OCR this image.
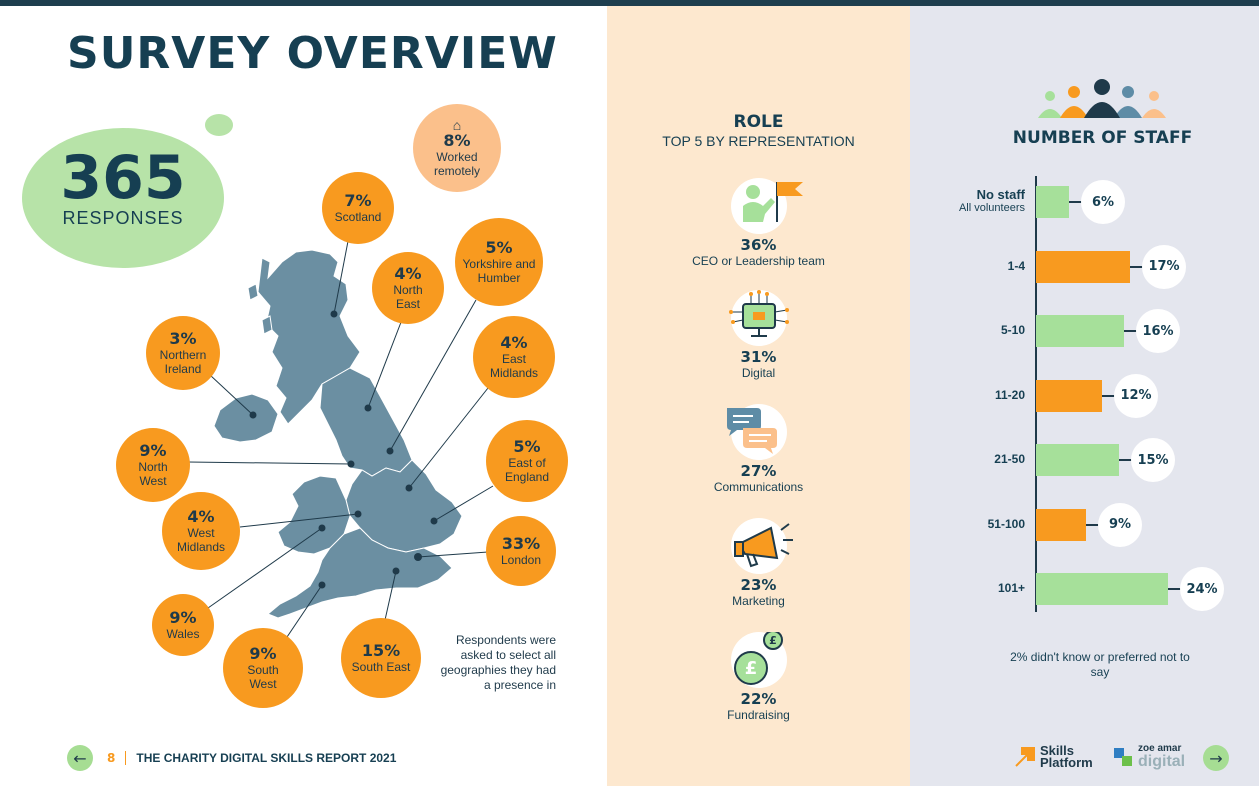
SURVEY OVERVIEW
365
RESPONSES
⌂
8%
Worked remotely
7%
Scotland
4%
North East
5%
Yorkshire and Humber
3%
Northern Ireland
4%
East Midlands
9%
North West
5%
East of England
4%
West Midlands	33%
London
9%
Wales
9%
South West
15%
South East
Respondents were asked to select all geographies they had a presence in
←	8	THE CHARITY DIGITAL SKILLS REPORT 2021
ROLE
TOP 5 BY REPRESENTATION
36%
CEO or Leadership team
31%
Digital
27%
Communications
23%
Marketing
£
£
22%
Fundraising
NUMBER OF STAFF
No staff
All volunteers	6%
1-4	17%
5-10	16%
11-20	12%
21-50	15%
51-100	9%
101+	24%
2% didn't know or preferred not to say
Skills Platform
zoe amar
digital	→
